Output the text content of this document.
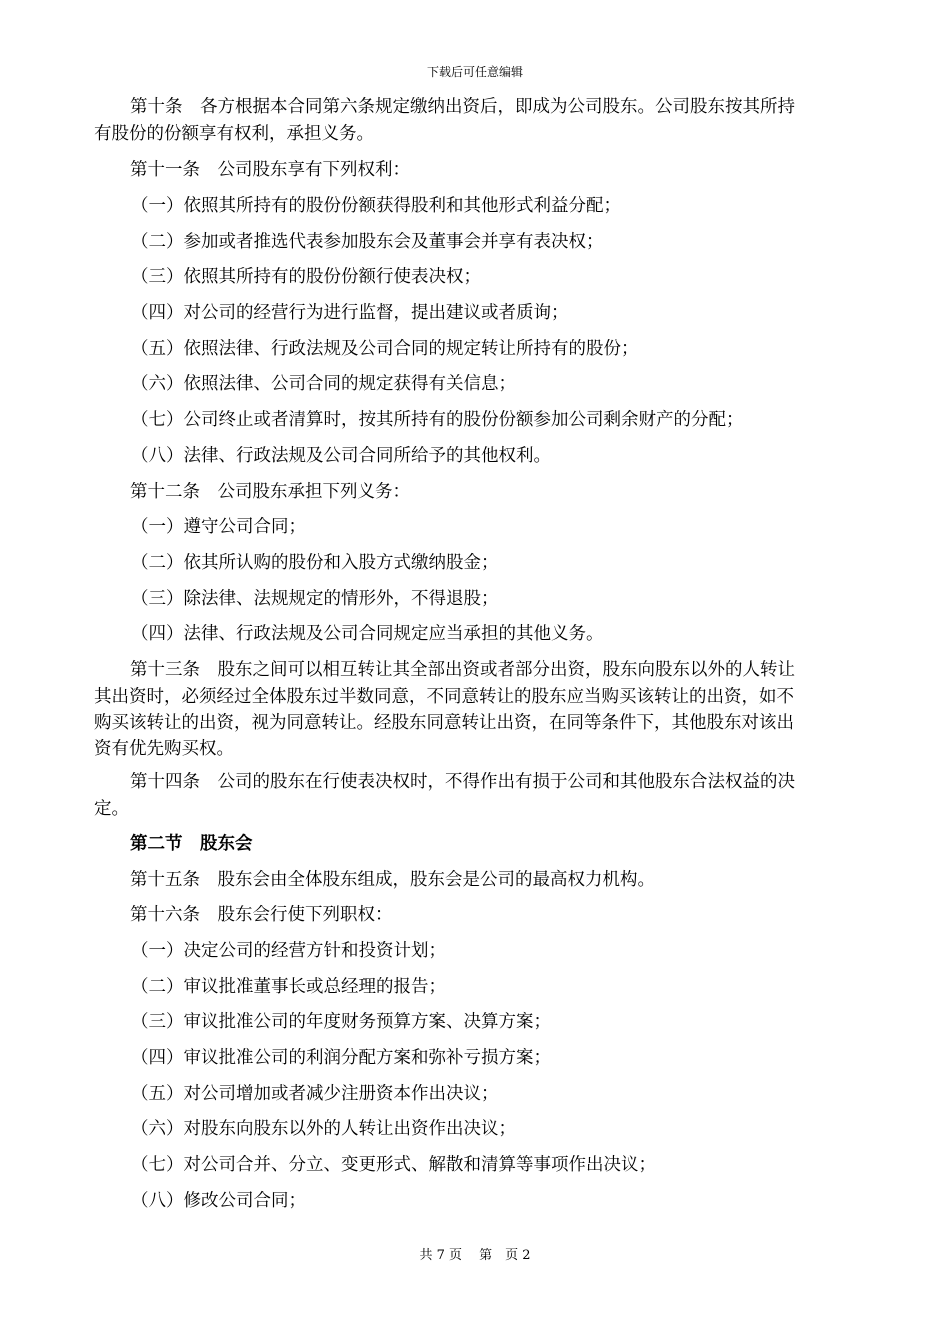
下载后可任意编辑
第十条　各方根据本合同第六条规定缴纳出资后，即成为公司股东。公司股东按其所持
有股份的份额享有权利，承担义务。
第十一条　公司股东享有下列权利：
（一）依照其所持有的股份份额获得股利和其他形式利益分配；
（二）参加或者推选代表参加股东会及董事会并享有表决权；
（三）依照其所持有的股份份额行使表决权；
（四）对公司的经营行为进行监督，提出建议或者质询；
（五）依照法律、行政法规及公司合同的规定转让所持有的股份；
（六）依照法律、公司合同的规定获得有关信息；
（七）公司终止或者清算时，按其所持有的股份份额参加公司剩余财产的分配；
（八）法律、行政法规及公司合同所给予的其他权利。
第十二条　公司股东承担下列义务：
（一）遵守公司合同；
（二）依其所认购的股份和入股方式缴纳股金；
（三）除法律、法规规定的情形外，不得退股；
（四）法律、行政法规及公司合同规定应当承担的其他义务。
第十三条　股东之间可以相互转让其全部出资或者部分出资，股东向股东以外的人转让
其出资时，必须经过全体股东过半数同意，不同意转让的股东应当购买该转让的出资，如不
购买该转让的出资，视为同意转让。经股东同意转让出资，在同等条件下，其他股东对该出
资有优先购买权。
第十四条　公司的股东在行使表决权时，不得作出有损于公司和其他股东合法权益的决
定。
第二节　股东会
第十五条　股东会由全体股东组成，股东会是公司的最高权力机构。
第十六条　股东会行使下列职权：
（一）决定公司的经营方针和投资计划；
（二）审议批准董事长或总经理的报告；
（三）审议批准公司的年度财务预算方案、决算方案；
（四）审议批准公司的利润分配方案和弥补亏损方案；
（五）对公司增加或者减少注册资本作出决议；
（六）对股东向股东以外的人转让出资作出决议；
（七）对公司合并、分立、变更形式、解散和清算等事项作出决议；
（八）修改公司合同；
共 7 页　 第　页 2
